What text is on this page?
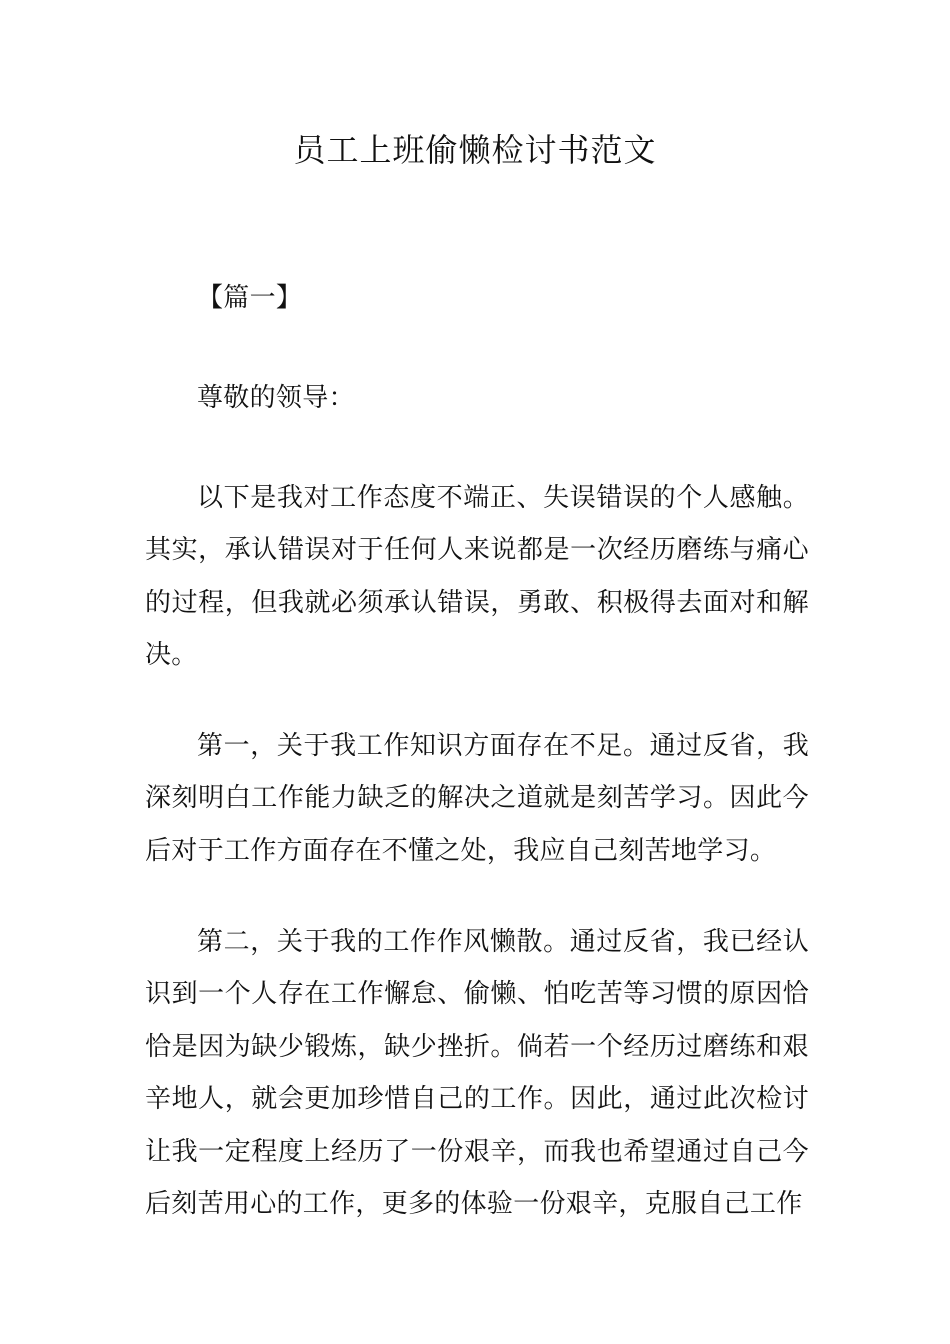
员工上班偷懒检讨书范文

【篇一】

尊敬的领导：

以下是我对工作态度不端正、失误错误的个人感触。其实，承认错误对于任何人来说都是一次经历磨练与痛心的过程，但我就必须承认错误，勇敢、积极得去面对和解决。

第一，关于我工作知识方面存在不足。通过反省，我深刻明白工作能力缺乏的解决之道就是刻苦学习。因此今后对于工作方面存在不懂之处，我应自己刻苦地学习。

第二，关于我的工作作风懒散。通过反省，我已经认识到一个人存在工作懈怠、偷懒、怕吃苦等习惯的原因恰恰是因为缺少锻炼，缺少挫折。倘若一个经历过磨练和艰辛地人，就会更加珍惜自己的工作。因此，通过此次检讨让我一定程度上经历了一份艰辛，而我也希望通过自己今后刻苦用心的工作，更多的体验一份艰辛，克服自己工作
